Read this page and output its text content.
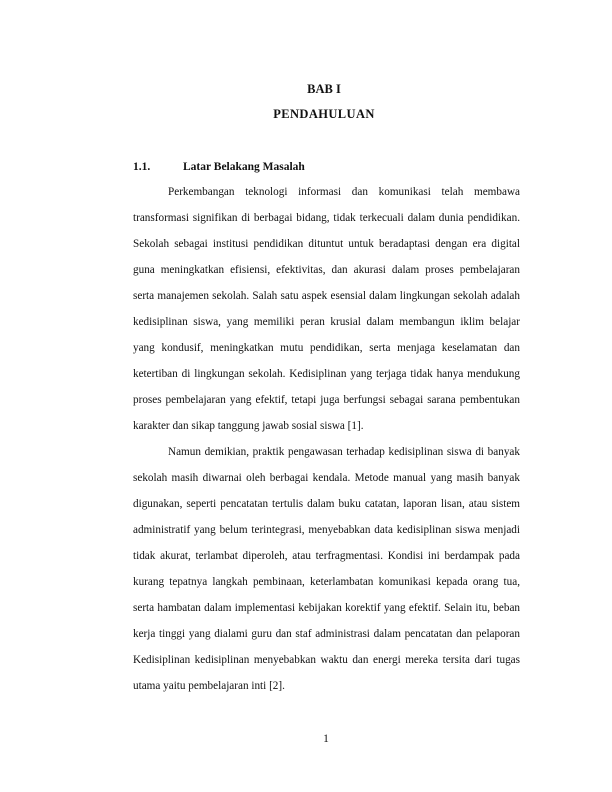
BAB I
PENDAHULUAN
1.1.	Latar Belakang Masalah
Perkembangan teknologi informasi dan komunikasi telah membawa
transformasi signifikan di berbagai bidang, tidak terkecuali dalam dunia pendidikan.
Sekolah sebagai institusi pendidikan dituntut untuk beradaptasi dengan era digital
guna meningkatkan efisiensi, efektivitas, dan akurasi dalam proses pembelajaran
serta manajemen sekolah. Salah satu aspek esensial dalam lingkungan sekolah adalah
kedisiplinan siswa, yang memiliki peran krusial dalam membangun iklim belajar
yang kondusif, meningkatkan mutu pendidikan, serta menjaga keselamatan dan
ketertiban di lingkungan sekolah. Kedisiplinan yang terjaga tidak hanya mendukung
proses pembelajaran yang efektif, tetapi juga berfungsi sebagai sarana pembentukan
karakter dan sikap tanggung jawab sosial siswa [1].
Namun demikian, praktik pengawasan terhadap kedisiplinan siswa di banyak
sekolah masih diwarnai oleh berbagai kendala. Metode manual yang masih banyak
digunakan, seperti pencatatan tertulis dalam buku catatan, laporan lisan, atau sistem
administratif yang belum terintegrasi, menyebabkan data kedisiplinan siswa menjadi
tidak akurat, terlambat diperoleh, atau terfragmentasi. Kondisi ini berdampak pada
kurang tepatnya langkah pembinaan, keterlambatan komunikasi kepada orang tua,
serta hambatan dalam implementasi kebijakan korektif yang efektif. Selain itu, beban
kerja tinggi yang dialami guru dan staf administrasi dalam pencatatan dan pelaporan
Kedisiplinan kedisiplinan menyebabkan waktu dan energi mereka tersita dari tugas
utama yaitu pembelajaran inti [2].
1
